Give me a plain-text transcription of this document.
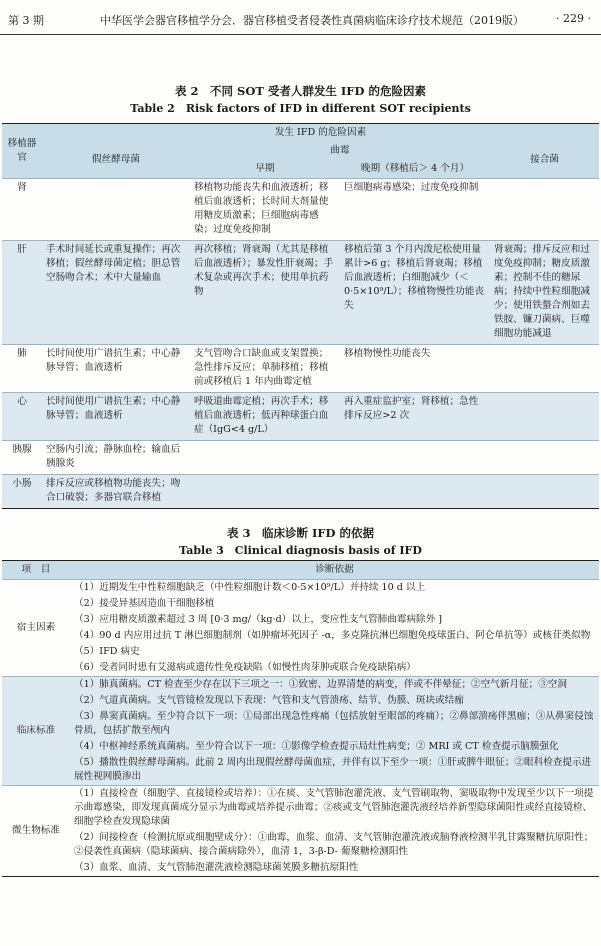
第 3 期	中华医学会器官移植学分会．器官移植受者侵袭性真菌病临床诊疗技术规范（2019版）	· 229 ·
表 2　不同 SOT 受者人群发生 IFD 的危险因素
Table 2　Risk factors of IFD in different SOT recipients
移植器官	发生 IFD 的危险因素			
	假丝酵母菌	曲霉		接合菌
		早期	晚期（移植后＞ 4 个月）	
肾		移植物功能丧失和血液透析；移植后血液透析；长时间大剂量使用糖皮质激素；巨细胞病毒感染；过度免疫抑制	巨细胞病毒感染；过度免疫抑制	
肝	手术时间延长或重复操作；再次移植；假丝酵母菌定植；胆总管空肠吻合术；术中大量输血	再次移植；肾衰竭（尤其是移植后血液透析）；暴发性肝衰竭；手术复杂或再次手术；使用单抗药物	移植后第 3 个月内泼尼松使用量累计>6 g；移植后肾衰竭；移植后血液透析；白细胞减少（＜0·5×10⁹/L）；移植物慢性功能丧失	肾衰竭；排斥反应和过度免疫抑制；糖皮质激素；控制不佳的糖尿病；持续中性粒细胞减少；使用铁螯合剂如去铁胺、镰刀菌病、巨噬细胞功能减退
肺	长时间使用广谱抗生素；中心静脉导管；血液透析	支气管吻合口缺血或支架置换；急性排斥反应；单肺移植；移植前或移植后 1 年内曲霉定植	移植物慢性功能丧失	
心	长时间使用广谱抗生素；中心静脉导管；血液透析	呼吸道曲霉定植；再次手术；移植后血液透析；低丙种球蛋白血症（IgG<4 g/L）	再入重症监护室；肾移植；急性排斥反应>2 次	
胰腺	空肠内引流；静脉血栓；输血后胰腺炎			
小肠	排斥反应或移植物功能丧失；吻合口破裂；多器官联合移植			
表 3　临床诊断 IFD 的依据
Table 3　Clinical diagnosis basis of IFD
项　目	诊断依据
宿主因素	（1）近期发生中性粒细胞缺乏（中性粒细胞计数＜0·5×10⁹/L）并持续 10 d 以上
	（2）接受异基因造血干细胞移植
	（3）应用糖皮质激素超过 3 周 [0·3 mg/（kg·d）以上，变应性支气管肺曲霉病除外 ]
	（4）90 d 内应用过抗 T 淋巴细胞制剂（如肿瘤坏死因子 -α，多克隆抗淋巴细胞免疫球蛋白、阿仑单抗等）或核苷类似物
	（5）IFD 病史
	（6）受者同时患有艾滋病或遗传性免疫缺陷（如慢性肉芽肿或联合免疫缺陷病）
临床标准	（1）肺真菌病。CT 检查至少存在以下三项之一：①致密、边界清楚的病变，伴或不伴晕征；②空气新月征；③空洞
	（2）气道真菌病。支气管镜检发现以下表现：气管和支气管溃疡、结节、伪膜、斑块或结痂
	（3）鼻窦真菌病。至少符合以下一项：①局部出现急性疼痛（包括放射至眼部的疼痛）；②鼻部溃疡伴黑痂；③从鼻窦侵蚀骨质，包括扩散至颅内
	（4）中枢神经系统真菌病。至少符合以下一项：①影像学检查提示局灶性病变；② MRI 或 CT 检查提示脑膜强化
	（5）播散性假丝酵母菌病。此前 2 周内出现假丝酵母菌血症，并伴有以下至少一项：①肝或脾牛眼征；②眼科检查提示进展性视网膜渗出
微生物标准	（1）直接检查（细胞学、直接镜检或培养）：①在痰、支气管肺泡灌洗液、支气管刷取物、窦吸取物中发现至少以下一项提示曲霉感染，即发现真菌成分显示为曲霉或培养提示曲霉；②痰或支气管肺泡灌洗液经培养新型隐球菌阳性或经直接镜检、细胞学检查发现隐球菌
	（2）间接检查（检测抗原或细胞壁成分）：①曲霉，血浆、血清、支气管肺泡灌洗液或脑脊液检测半乳甘露聚糖抗原阳性；②侵袭性真菌病（隐球菌病、接合菌病除外），血清 1，3-β-D- 葡聚糖检测阳性
	（3）血浆、血清、支气管肺泡灌洗液检测隐球菌荚膜多糖抗原阳性
